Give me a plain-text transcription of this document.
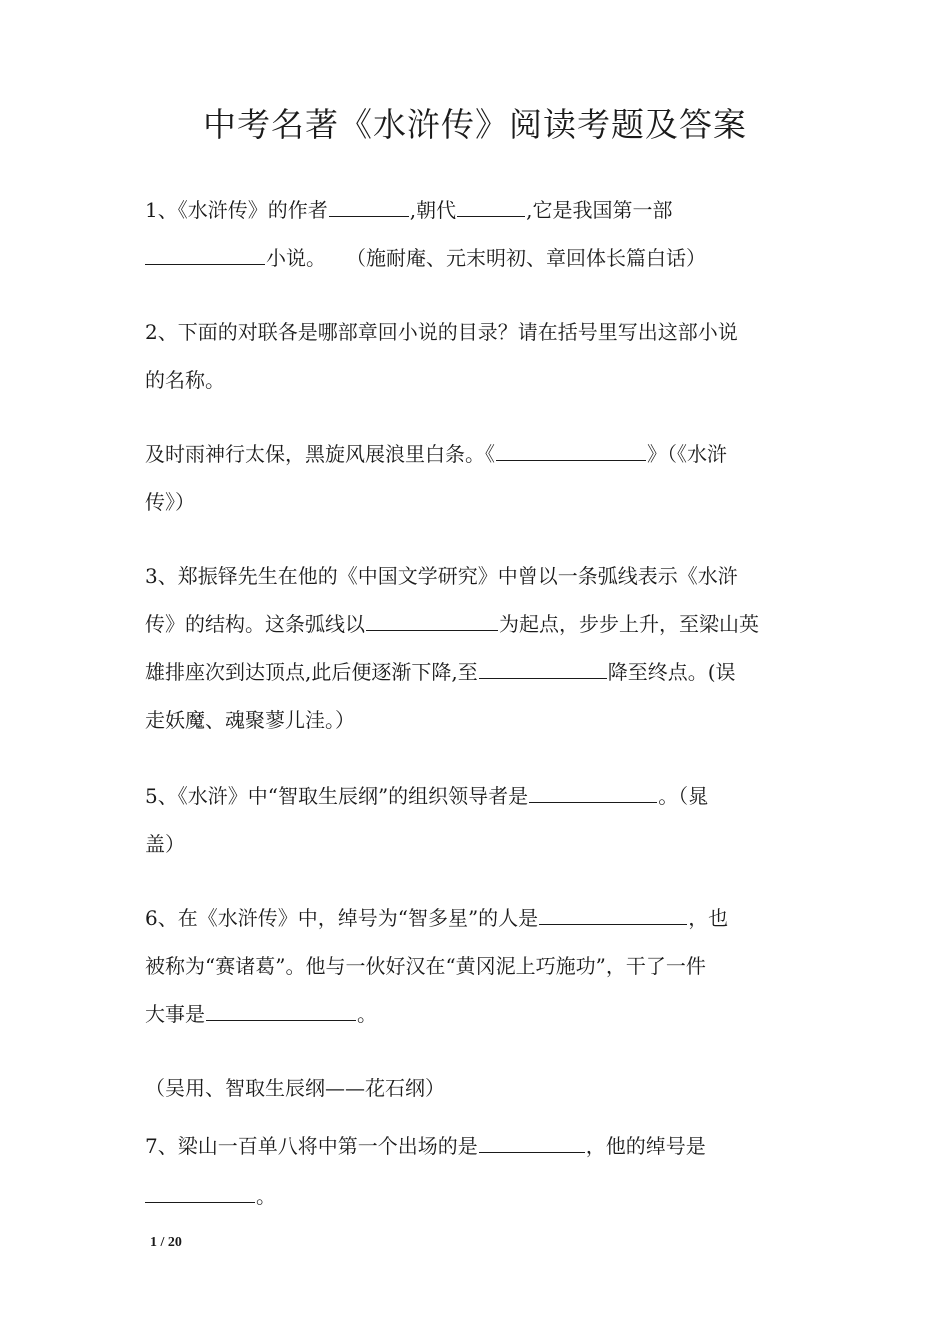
中考名著《水浒传》阅读考题及答案
1、《水浒传》的作者	,朝代	,它是我国第一部
小说。  （施耐庵、元末明初、章回体长篇白话）
2、下面的对联各是哪部章回小说的目录？请在括号里写出这部小说
的名称。
及时雨神行太保，黑旋风展浪里白条。《	》（《水浒
传》）
3、郑振铎先生在他的《中国文学研究》中曾以一条弧线表示《水浒
传》的结构。这条弧线以	为起点，步步上升，至梁山英
雄排座次到达顶点,此后便逐渐下降,至	降至终点。(误
走妖魔、魂聚蓼儿洼。）
5、《水浒》中“智取生辰纲”的组织领导者是	。（晁
盖）
6、在《水浒传》中，绰号为“智多星”的人是	，也
被称为“赛诸葛”。他与一伙好汉在“黄冈泥上巧施功”，干了一件
大事是	。
（吴用、智取生辰纲——花石纲）
7、梁山一百单八将中第一个出场的是	，他的绰号是
。
1 / 20
